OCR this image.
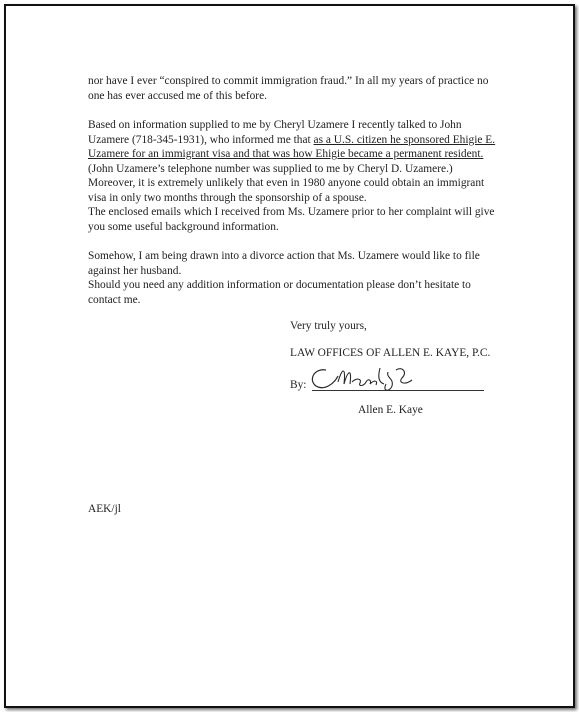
nor have I ever “conspired to commit immigration fraud.” In all my years of practice no one has ever accused me of this before.

Based on information supplied to me by Cheryl Uzamere I recently talked to John Uzamere (718-345-1931), who informed me that as a U.S. citizen he sponsored Ehigie E. Uzamere for an immigrant visa and that was how Ehigie became a permanent resident. (John Uzamere’s telephone number was supplied to me by Cheryl D. Uzamere.) Moreover, it is extremely unlikely that even in 1980 anyone could obtain an immigrant visa in only two months through the sponsorship of a spouse.

The enclosed emails which I received from Ms. Uzamere prior to her complaint will give you some useful background information.

Somehow, I am being drawn into a divorce action that Ms. Uzamere would like to file against her husband.

Should you need any addition information or documentation please don’t hesitate to contact me.

Very truly yours,

LAW OFFICES OF ALLEN E. KAYE, P.C.

By:

Allen E. Kaye

AEK/jl
